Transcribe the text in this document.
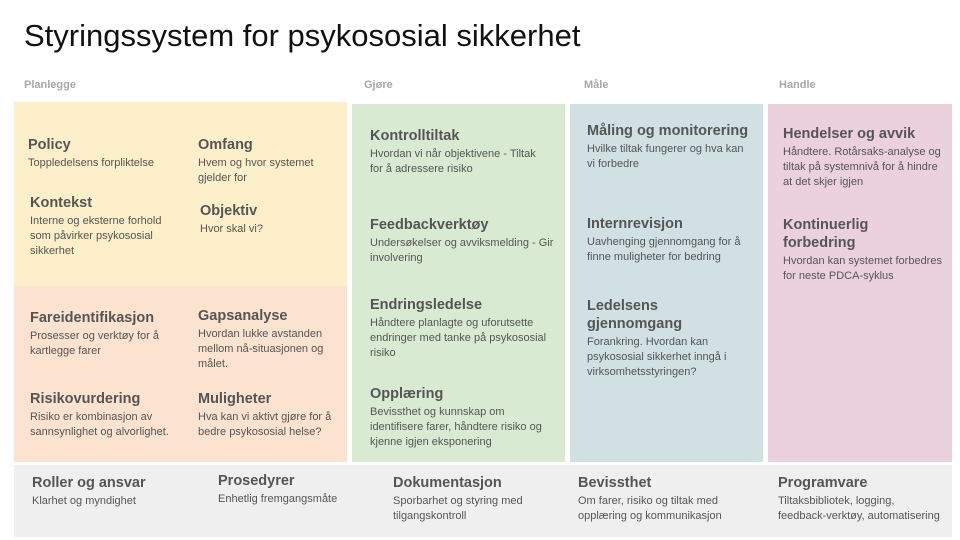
Styringssystem for psykososial sikkerhet
Planlegge	Gjøre	Måle	Handle
Policy
Toppledelsens forpliktelse
Omfang
Hvem og hvor systemet gjelder for
Kontekst
Interne og eksterne forhold som påvirker psykososial sikkerhet
Objektiv
Hvor skal vi?
Fareidentifikasjon
Prosesser og verktøy for å kartlegge farer
Gapsanalyse
Hvordan lukke avstanden mellom nå-situasjonen og målet.
Risikovurdering
Risiko er kombinasjon av sannsynlighet og alvorlighet.
Muligheter
Hva kan vi aktivt gjøre for å bedre psykososial helse?
Kontrolltiltak
Hvordan vi når objektivene - Tiltak for å adressere risiko
Feedbackverktøy
Undersøkelser og avviksmelding - Gir involvering
Endringsledelse
Håndtere planlagte og uforutsette endringer med tanke på psykososial risiko
Opplæring
Bevissthet og kunnskap om identifisere farer, håndtere risiko og kjenne igjen eksponering
Måling og monitorering
Hvilke tiltak fungerer og hva kan vi forbedre
Internrevisjon
Uavhenging gjennomgang for å finne muligheter for bedring
Ledelsens gjennomgang
Forankring. Hvordan kan psykososial sikkerhet inngå i virksomhetsstyringen?
Hendelser og avvik
Håndtere. Rotårsaks-analyse og tiltak på systemnivå for å hindre at det skjer igjen
Kontinuerlig forbedring
Hvordan kan systemet forbedres for neste PDCA-syklus
Roller og ansvar
Klarhet og myndighet
Prosedyrer
Enhetlig fremgangsmåte
Dokumentasjon
Sporbarhet og styring med tilgangskontroll
Bevissthet
Om farer, risiko og tiltak med opplæring og kommunikasjon
Programvare
Tiltaksbibliotek, logging, feedback-verktøy, automatisering
